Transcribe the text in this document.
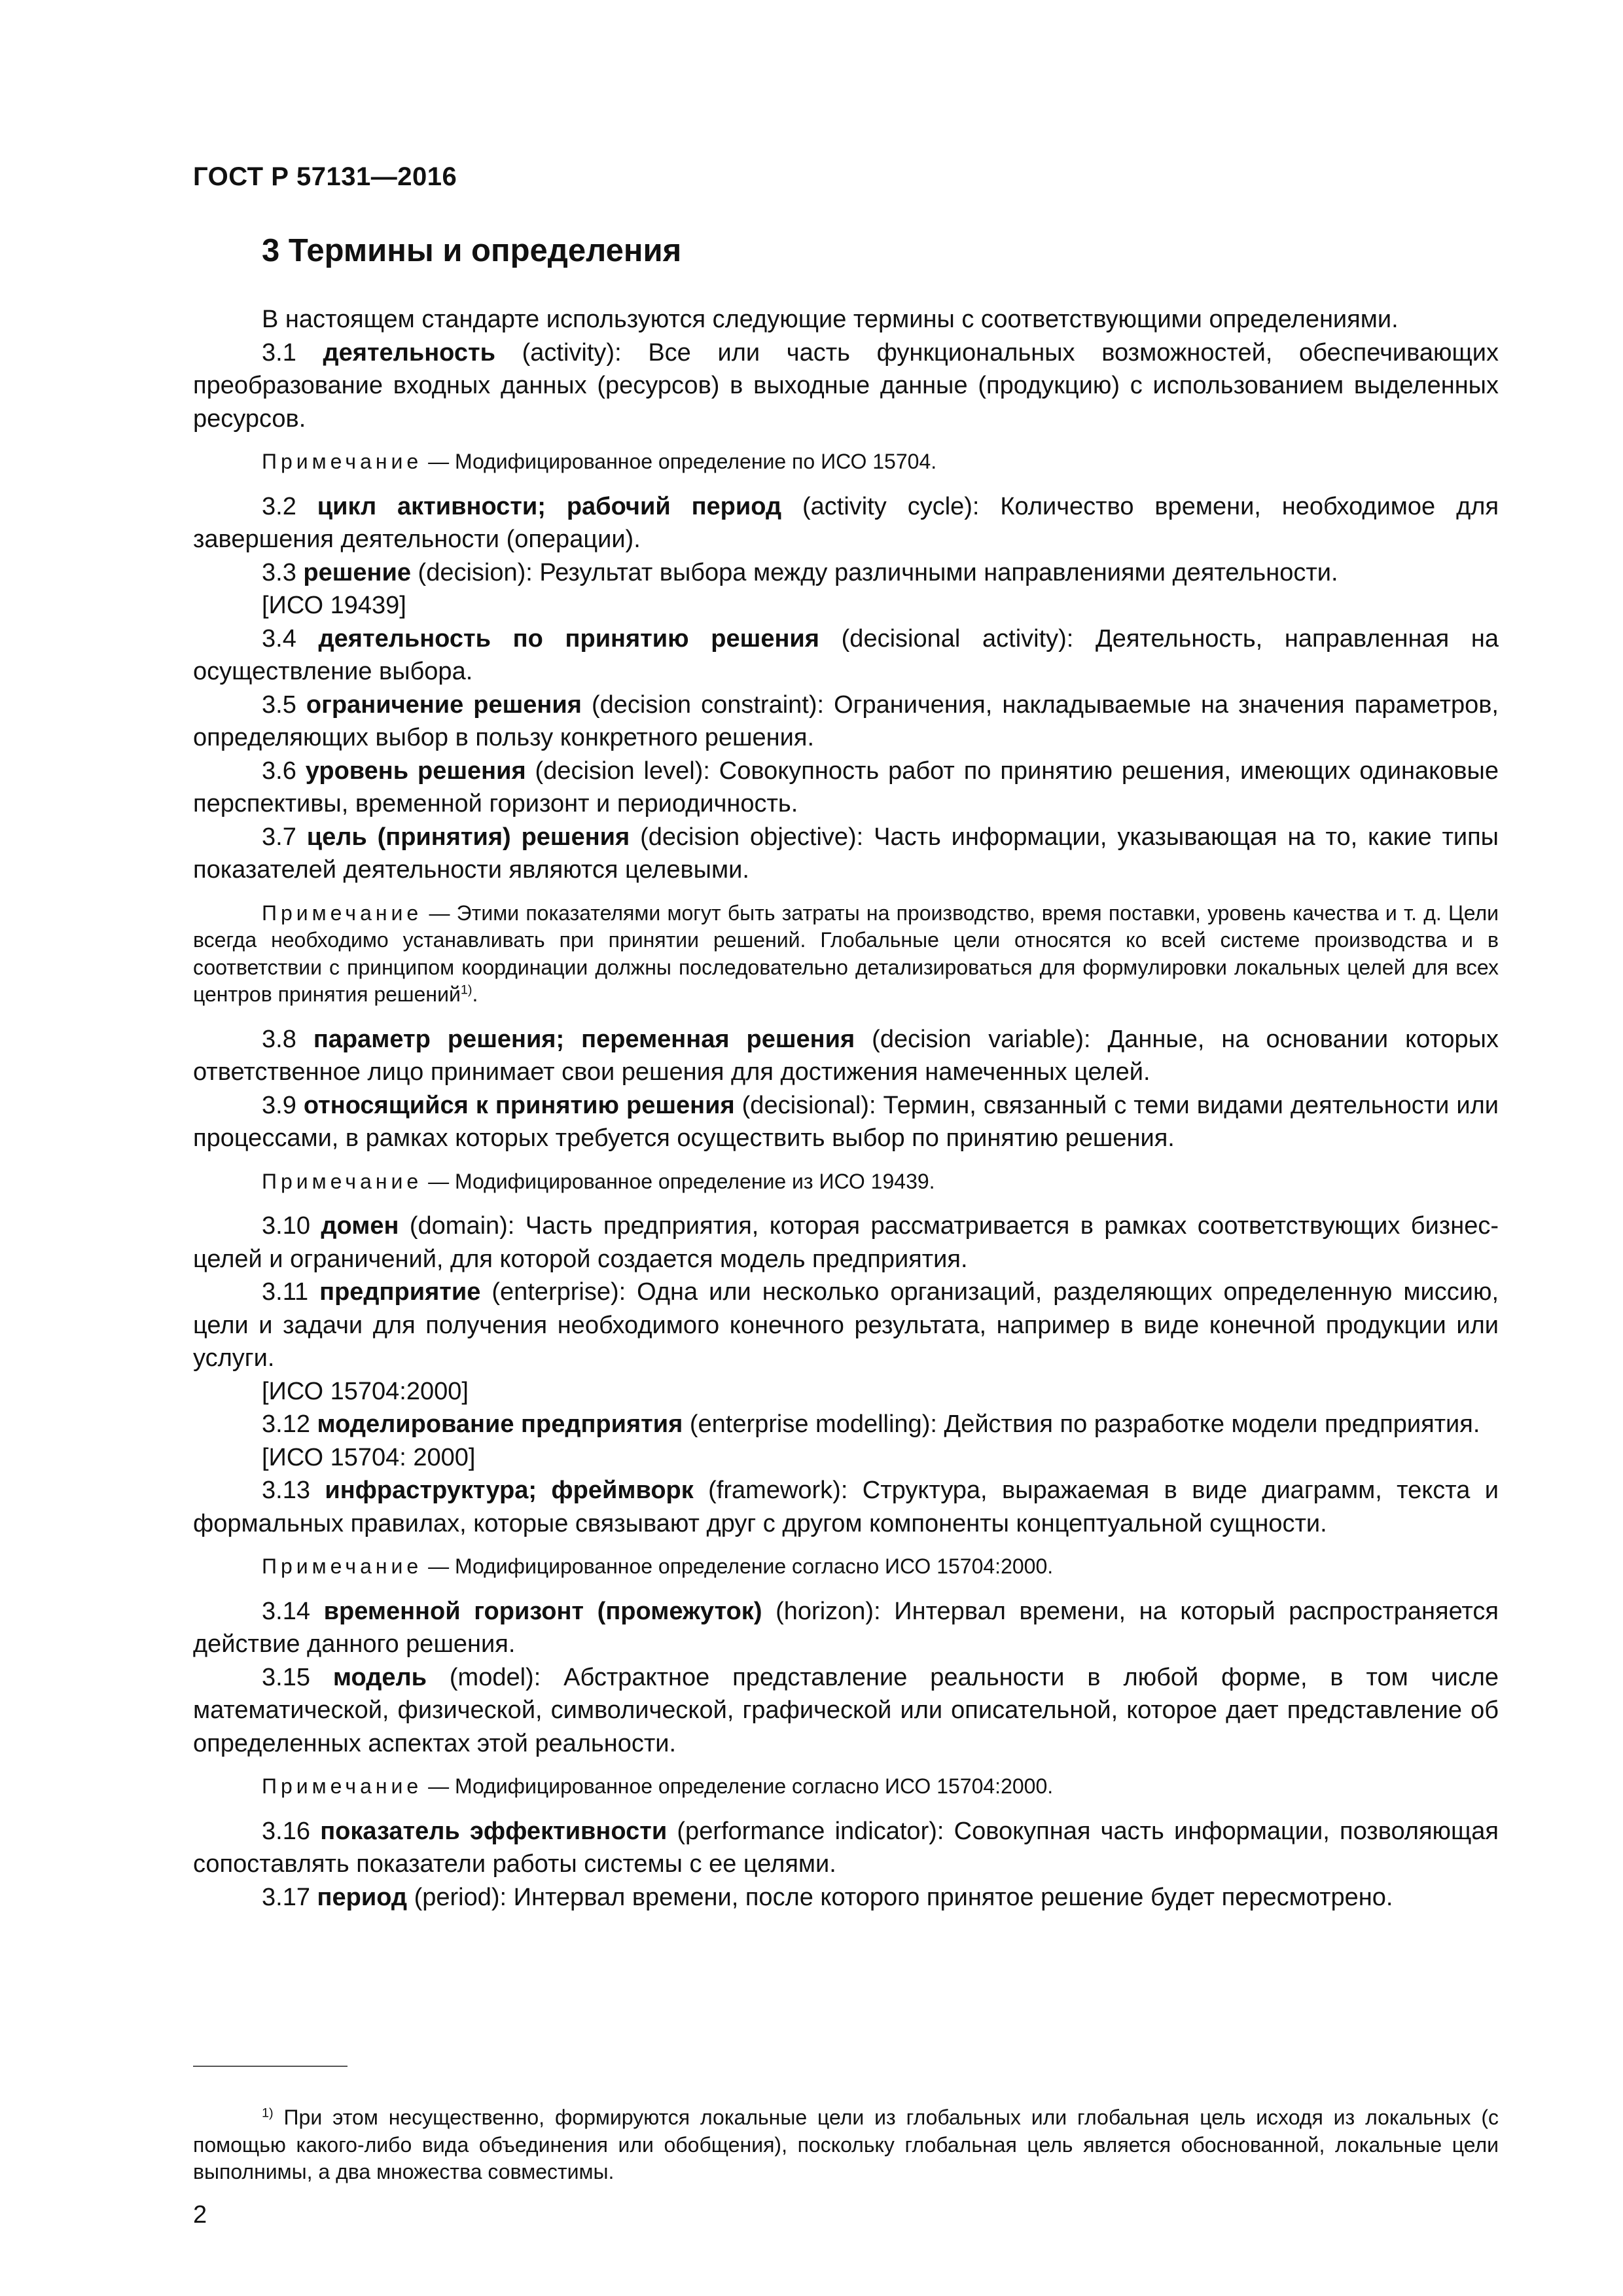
ГОСТ Р 57131—2016
3 Термины и определения

В настоящем стандарте используются следующие термины с соответствующими определениями.

3.1 деятельность (activity): Все или часть функциональных возможностей, обеспечивающих преобразование входных данных (ресурсов) в выходные данные (продукцию) с использованием выделенных ресурсов.

Примечание — Модифицированное определение по ИСО 15704.

3.2 цикл активности; рабочий период (activity cycle): Количество времени, необходимое для завершения деятельности (операции).

3.3 решение (decision): Результат выбора между различными направлениями деятельности.

[ИСО 19439]

3.4 деятельность по принятию решения (decisional activity): Деятельность, направленная на осуществление выбора.

3.5 ограничение решения (decision constraint): Ограничения, накладываемые на значения параметров, определяющих выбор в пользу конкретного решения.

3.6 уровень решения (decision level): Совокупность работ по принятию решения, имеющих одинаковые перспективы, временной горизонт и периодичность.

3.7 цель (принятия) решения (decision objective): Часть информации, указывающая на то, какие типы показателей деятельности являются целевыми.

Примечание — Этими показателями могут быть затраты на производство, время поставки, уровень качества и т. д. Цели всегда необходимо устанавливать при принятии решений. Глобальные цели относятся ко всей системе производства и в соответствии с принципом координации должны последовательно детализироваться для формулировки локальных целей для всех центров принятия решений$^{1)}$.

3.8 параметр решения; переменная решения (decision variable): Данные, на основании которых ответственное лицо принимает свои решения для достижения намеченных целей.

3.9 относящийся к принятию решения (decisional): Термин, связанный с теми видами деятельности или процессами, в рамках которых требуется осуществить выбор по принятию решения.

Примечание — Модифицированное определение из ИСО 19439.

3.10 домен (domain): Часть предприятия, которая рассматривается в рамках соответствующих бизнес-целей и ограничений, для которой создается модель предприятия.

3.11 предприятие (enterprise): Одна или несколько организаций, разделяющих определенную миссию, цели и задачи для получения необходимого конечного результата, например в виде конечной продукции или услуги.

[ИСО 15704:2000]

3.12 моделирование предприятия (enterprise modelling): Действия по разработке модели предприятия.

[ИСО 15704: 2000]

3.13 инфраструктура; фреймворк (framework): Структура, выражаемая в виде диаграмм, текста и формальных правилах, которые связывают друг с другом компоненты концептуальной сущности.

Примечание — Модифицированное определение согласно ИСО 15704:2000.

3.14 временной горизонт (промежуток) (horizon): Интервал времени, на который распространяется действие данного решения.

3.15 модель (model): Абстрактное представление реальности в любой форме, в том числе математической, физической, символической, графической или описательной, которое дает представление об определенных аспектах этой реальности.

Примечание — Модифицированное определение согласно ИСО 15704:2000.

3.16 показатель эффективности (performance indicator): Совокупная часть информации, позволяющая сопоставлять показатели работы системы с ее целями.

3.17 период (period): Интервал времени, после которого принятое решение будет пересмотрено.

$^{1)}$ При этом несущественно, формируются локальные цели из глобальных или глобальная цель исходя из локальных (с помощью какого-либо вида объединения или обобщения), поскольку глобальная цель является обоснованной, локальные цели выполнимы, а два множества совместимы.

2
